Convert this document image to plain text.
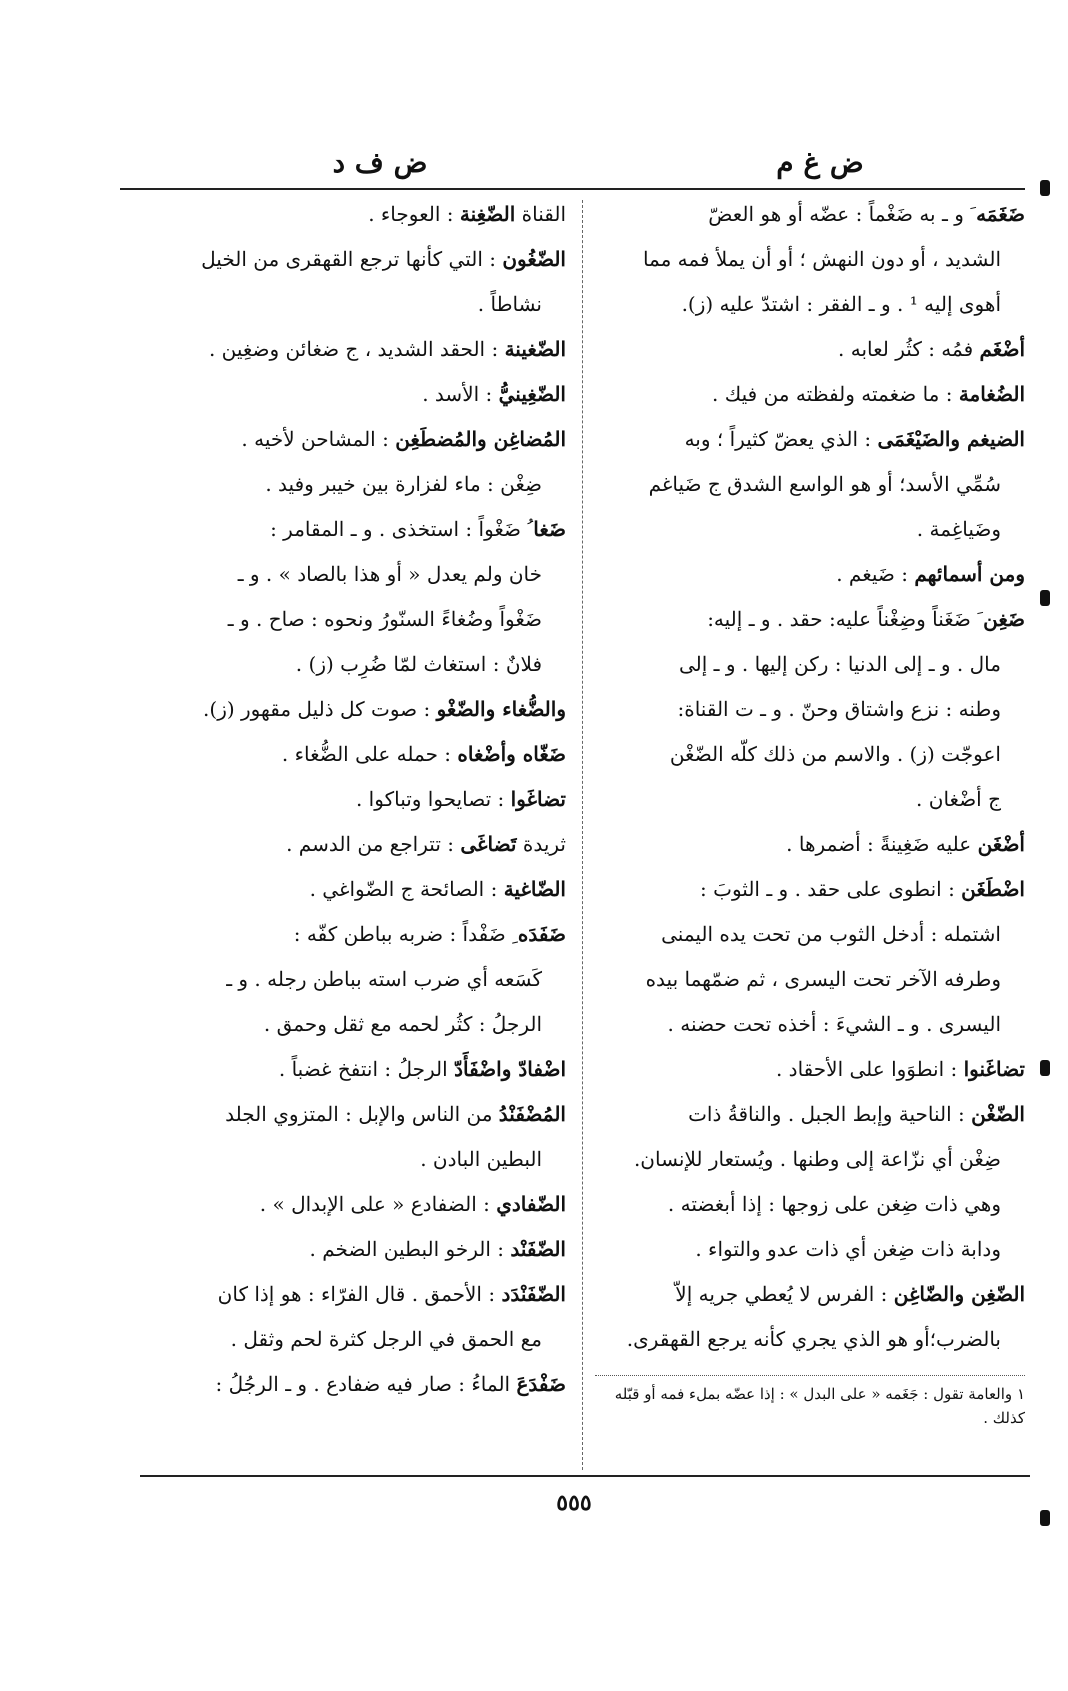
ض غ م
ض ف د

ضَغَمَه َ و ـ به ضَغْماً : عضّه أو هو العضّ

الشديد ، أو دون النهش ؛ أو أن يملأ فمه مما

أهوى إليه ¹ . و ـ الفقر : اشتدّ عليه (ز).

أضْغَم فمُه : كثُر لعابه .

الضُغامة : ما ضغمته ولفظته من فيك .

الضيغم والضَيْغَمَى : الذي يعضّ كثيراً ؛ وبه

سُمِّي الأسد؛ أو هو الواسع الشدق ج ضَياغم

وضَياغِمة .

ومن أسمائهم : ضَيغم .

ضَغِن َ ضَغَناً وضِغْناً عليه: حقد . و ـ إليه:

مال . و ـ إلى الدنيا : ركن إليها . و ـ إلى

وطنه : نزع واشتاق وحنّ . و ـ ت القناة:

اعوجّت (ز) . والاسم من ذلك كلّه الضّغْن

ج أضْغان .

أضْغَن عليه ضَغِينةً : أضمرها .

اضْطَغَن : انطوى على حقد . و ـ الثوبَ :

اشتمله : أدخل الثوب من تحت يده اليمنى

وطرفه الآخر تحت اليسرى ، ثم ضمّهما بيده

اليسرى . و ـ الشيءَ : أخذه تحت حضنه .

تضاغَنوا : انطوَوا على الأحقاد .

الضّغْن : الناحية وإبط الجبل . والناقةُ ذات

ضِغْن أي نزّاعة إلى وطنها . ويُستعار للإنسان.

وهي ذات ضِغن على زوجها : إذا أبغضته .

ودابة ذات ضِغن أي ذات عدو والتواء .

الضّغِن والضّاغِن : الفرس لا يُعطي جريه إلاّ

بالضرب؛أو هو الذي يجري كأنه يرجع القهقرى.

القناة الضّغِنة : العوجاء .

الضّغُون : التي كأنها ترجع القهقرى من الخيل

نشاطاً .

الضّغينة : الحقد الشديد ، ج ضغائن وضغِين .

الضّغِينيُّ : الأسد .

المُضاغِن والمُضطَغِن : المشاحن لأخيه .

ضِغْن : ماء لفزارة بين خيبر وفيد .

ضَغا ُ ضَغْواً : استخذى . و ـ المقامر :

خان ولم يعدل « أو هذا بالصاد » . و ـ

ضَغْواً وضُغاءً السنّورُ ونحوه : صاح . و ـ

فلانٌ : استغاث لمّا ضُرِب (ز) .

والضُّغاء والضّغْو : صوت كل ذليل مقهور (ز).

ضَغّاه وأضْغاه : حمله على الضُّغاء .

تضاغَوا : تصايحوا وتباكوا .

ثريدة تَضاغَى : تتراجع من الدسم .

الضّاغية : الصائحة ج الضّواغي .

ضَفَدَه ِ ضَفْداً : ضربه بباطن كفّه :

كَسَعه أي ضرب استه بباطن رجله . و ـ

الرجلُ : كثُر لحمه مع ثقل وحمق .

اضْفادّ واضْفَأَدّ الرجلُ : انتفخ غضباً .

المُضْفَنْدُ من الناس والإبل : المتزوي الجلد

البطين البادن .

الضّفادي : الضفادع « على الإبدال » .

الضّفَنْد : الرخو البطين الضخم .

الضّفَنْدَد : الأحمق . قال الفرّاء : هو إذا كان

مع الحمق في الرجل كثرة لحم وثقل .

ضَفْدَعَ الماءُ : صار فيه ضفادع . و ـ الرجُلُ :	١ والعامة تقول : جَغَمه « على البدل » : إذا عضّه بملء فمه أو قبّله كذلك .
٥٥٥
